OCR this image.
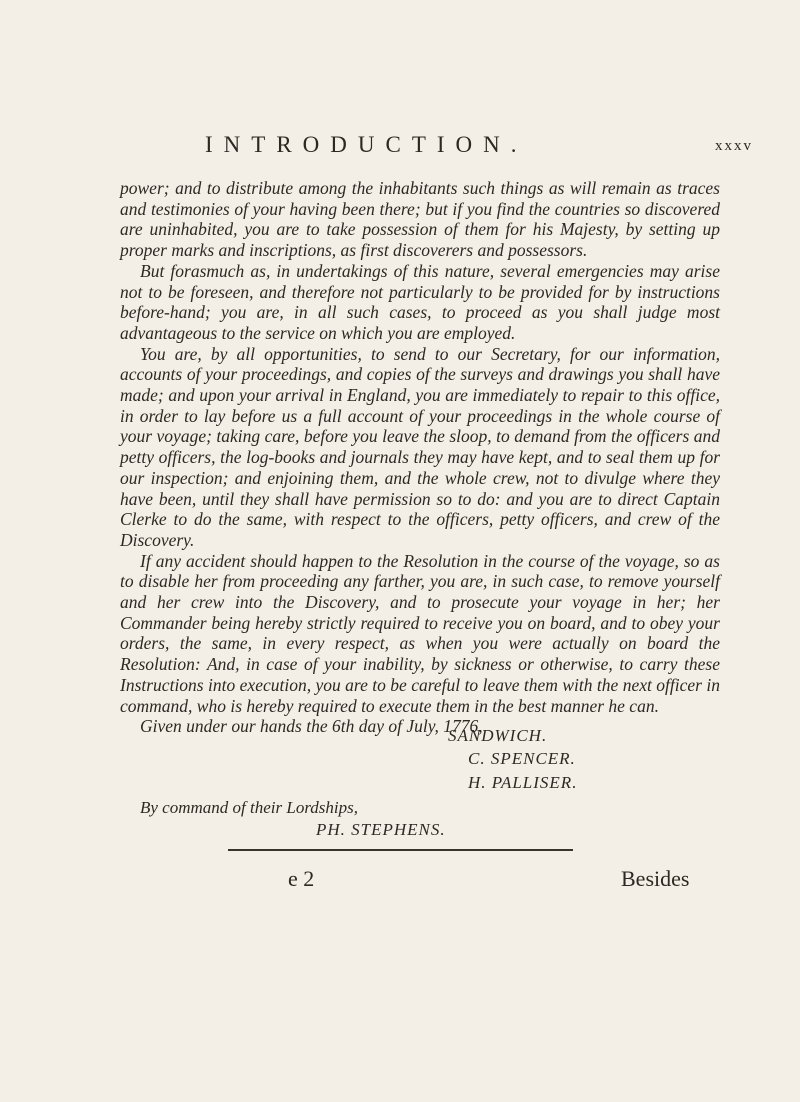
INTRODUCTION.	xxxv

power; and to distribute among the inhabitants such things as will remain as traces and testimonies of your having been there; but if you find the countries so discovered are uninhabited, you are to take possession of them for his Majesty, by setting up proper marks and inscriptions, as first discoverers and possessors.

But forasmuch as, in undertakings of this nature, several emergencies may arise not to be foreseen, and therefore not particularly to be provided for by instructions before-hand; you are, in all such cases, to proceed as you shall judge most advantageous to the service on which you are employed.

You are, by all opportunities, to send to our Secretary, for our information, accounts of your proceedings, and copies of the surveys and drawings you shall have made; and upon your arrival in England, you are immediately to repair to this office, in order to lay before us a full account of your proceedings in the whole course of your voyage; taking care, before you leave the sloop, to demand from the officers and petty officers, the log-books and journals they may have kept, and to seal them up for our inspection; and enjoining them, and the whole crew, not to divulge where they have been, until they shall have permission so to do: and you are to direct Captain Clerke to do the same, with respect to the officers, petty officers, and crew of the Discovery.

If any accident should happen to the Resolution in the course of the voyage, so as to disable her from proceeding any farther, you are, in such case, to remove yourself and her crew into the Discovery, and to prosecute your voyage in her; her Commander being hereby strictly required to receive you on board, and to obey your orders, the same, in every respect, as when you were actually on board the Resolution: And, in case of your inability, by sickness or otherwise, to carry these Instructions into execution, you are to be careful to leave them with the next officer in command, who is hereby required to execute them in the best manner he can.

Given under our hands the 6th day of July, 1776,

SANDWICH.
C. SPENCER.
H. PALLISER.
By command of their Lordships,
PH. STEPHENS.
e 2	Besides
